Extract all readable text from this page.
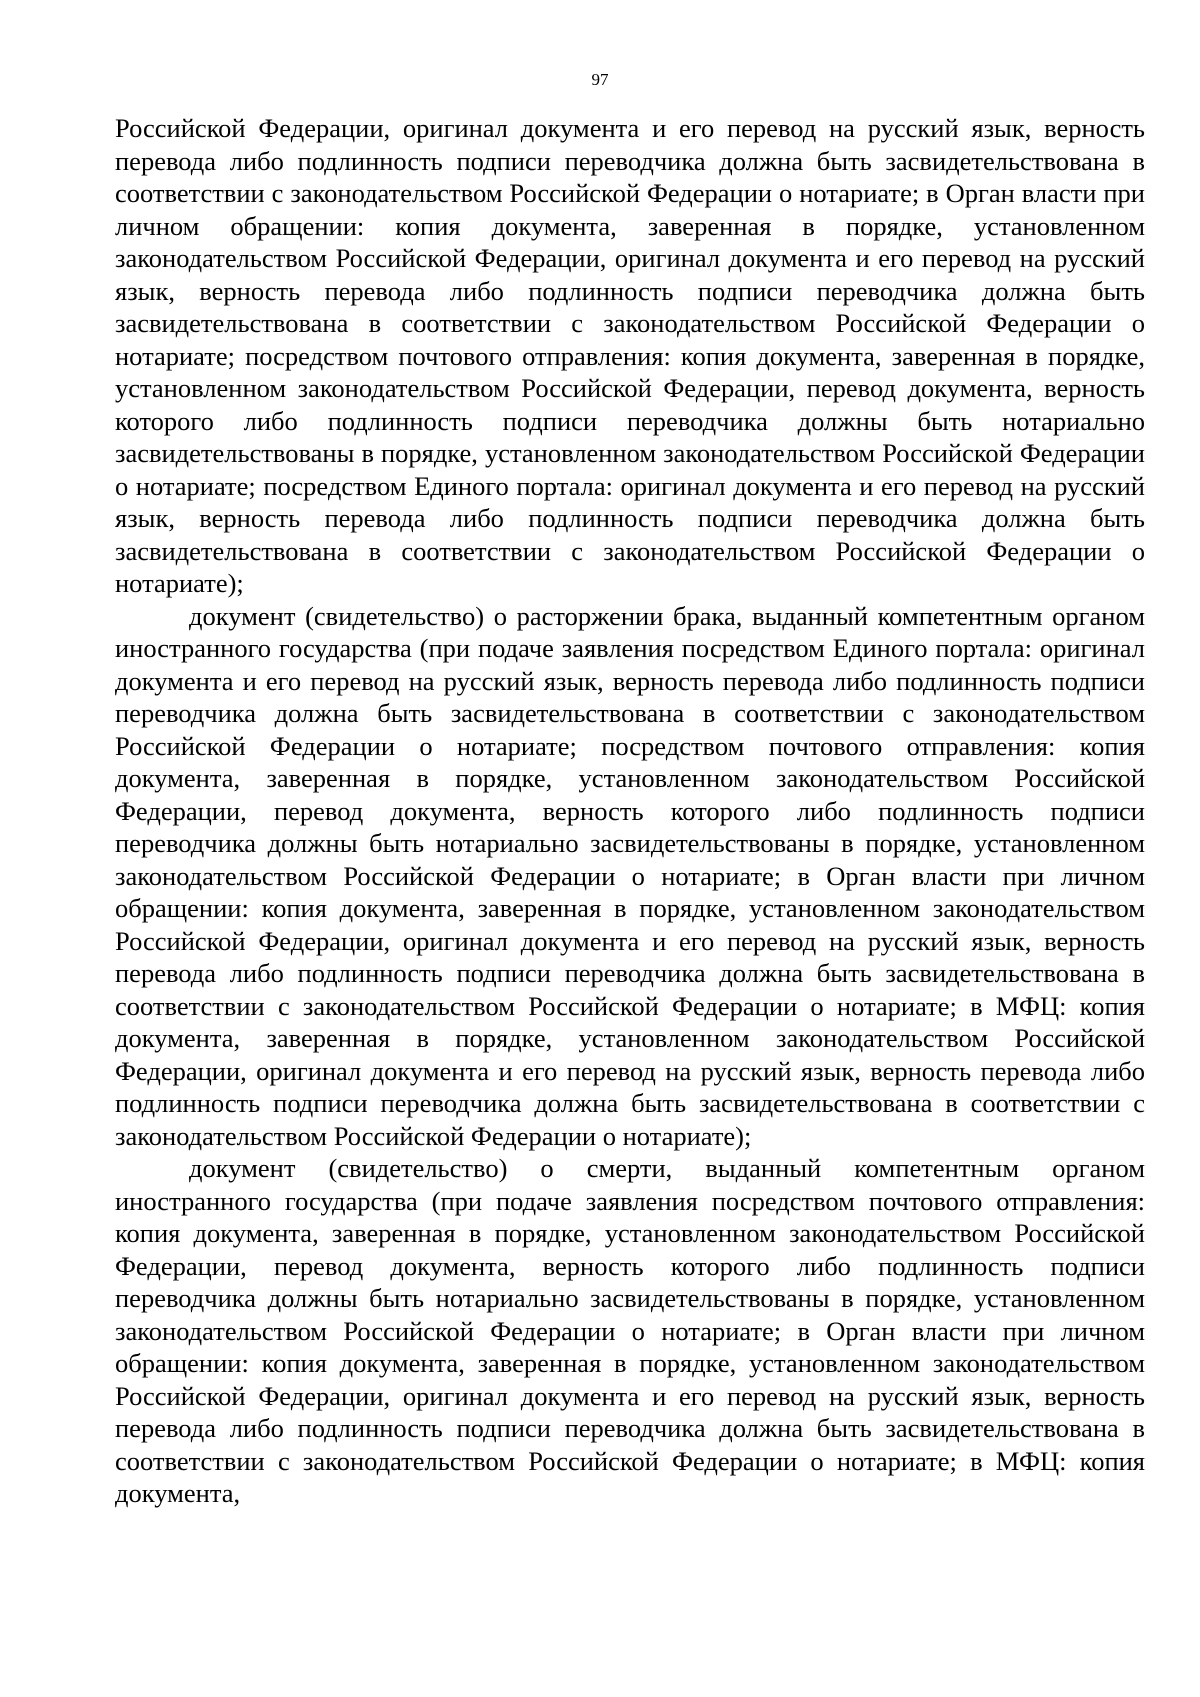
97

Российской Федерации, оригинал документа и его перевод на русский язык, верность перевода либо подлинность подписи переводчика должна быть засвидетельствована в соответствии с законодательством Российской Федерации о нотариате; в Орган власти при личном обращении: копия документа, заверенная в порядке, установленном законодательством Российской Федерации, оригинал документа и его перевод на русский язык, верность перевода либо подлинность подписи переводчика должна быть засвидетельствована в соответствии с законодательством Российской Федерации о нотариате; посредством почтового отправления: копия документа, заверенная в порядке, установленном законодательством Российской Федерации, перевод документа, верность которого либо подлинность подписи переводчика должны быть нотариально засвидетельствованы в порядке, установленном законодательством Российской Федерации о нотариате; посредством Единого портала: оригинал документа и его перевод на русский язык, верность перевода либо подлинность подписи переводчика должна быть засвидетельствована в соответствии с законодательством Российской Федерации о нотариате);

документ (свидетельство) о расторжении брака, выданный компетентным органом иностранного государства (при подаче заявления посредством Единого портала: оригинал документа и его перевод на русский язык, верность перевода либо подлинность подписи переводчика должна быть засвидетельствована в соответствии с законодательством Российской Федерации о нотариате; посредством почтового отправления: копия документа, заверенная в порядке, установленном законодательством Российской Федерации, перевод документа, верность которого либо подлинность подписи переводчика должны быть нотариально засвидетельствованы в порядке, установленном законодательством Российской Федерации о нотариате; в Орган власти при личном обращении: копия документа, заверенная в порядке, установленном законодательством Российской Федерации, оригинал документа и его перевод на русский язык, верность перевода либо подлинность подписи переводчика должна быть засвидетельствована в соответствии с законодательством Российской Федерации о нотариате; в МФЦ: копия документа, заверенная в порядке, установленном законодательством Российской Федерации, оригинал документа и его перевод на русский язык, верность перевода либо подлинность подписи переводчика должна быть засвидетельствована в соответствии с законодательством Российской Федерации о нотариате);

документ (свидетельство) о смерти, выданный компетентным органом иностранного государства (при подаче заявления посредством почтового отправления: копия документа, заверенная в порядке, установленном законодательством Российской Федерации, перевод документа, верность которого либо подлинность подписи переводчика должны быть нотариально засвидетельствованы в порядке, установленном законодательством Российской Федерации о нотариате; в Орган власти при личном обращении: копия документа, заверенная в порядке, установленном законодательством Российской Федерации, оригинал документа и его перевод на русский язык, верность перевода либо подлинность подписи переводчика должна быть засвидетельствована в соответствии с законодательством Российской Федерации о нотариате; в МФЦ: копия документа,
